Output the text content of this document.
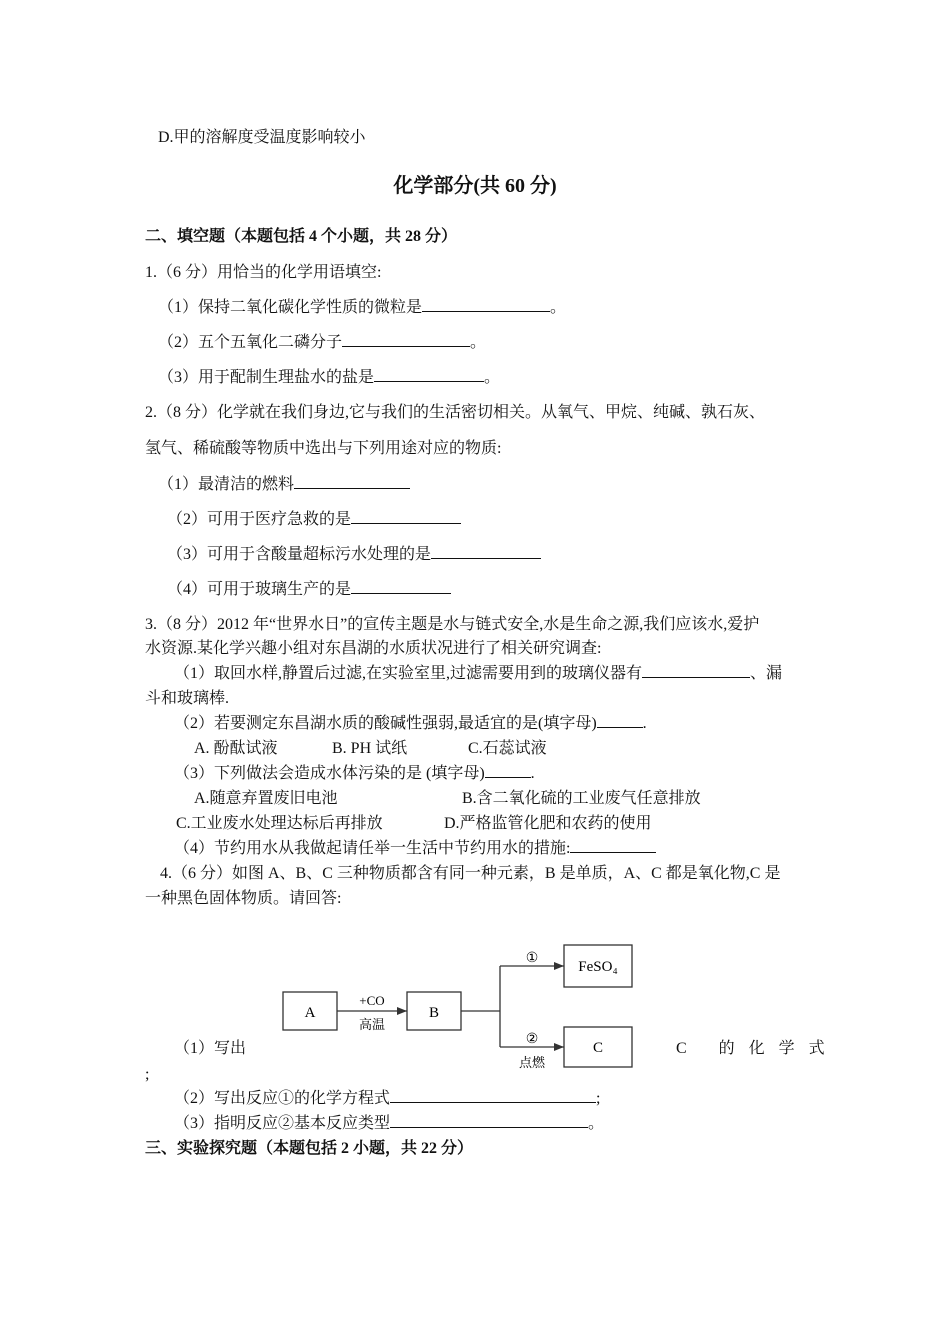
D.甲的溶解度受温度影响较小
化学部分(共 60 分)
二、填空题（本题包括 4 个小题，共 28 分）
1.（6 分）用恰当的化学用语填空:
（1）保持二氧化碳化学性质的微粒是	。
（2）五个五氧化二磷分子	。
（3）用于配制生理盐水的盐是	。
2.（8 分）化学就在我们身边,它与我们的生活密切相关。从氧气、甲烷、纯碱、孰石灰、
氢气、稀硫酸等物质中选出与下列用途对应的物质:
（1）最清洁的燃料
（2）可用于医疗急救的是
（3）可用于含酸量超标污水处理的是
（4）可用于玻璃生产的是
3.（8 分）2012 年“世界水日”的宣传主题是水与链式安全,水是生命之源,我们应该水,爱护
水资源.某化学兴趣小组对东昌湖的水质状况进行了相关研究调查:
（1）取回水样,静置后过滤,在实验室里,过滤需要用到的玻璃仪器有	、漏
斗和玻璃棒.
（2）若要测定东昌湖水质的酸碱性强弱,最适宜的是(填字母)	.
A. 酚酞试液	B. PH 试纸	C.石蕊试液
（3）下列做法会造成水体污染的是 (填字母)	.
A.随意弃置废旧电池	B.含二氧化硫的工业废气任意排放
C.工业废水处理达标后再排放	D.严格监管化肥和农药的使用
（4）节约用水从我做起请任举一生活中节约用水的措施:
4.（6 分）如图 A、B、C 三种物质都含有同一种元素，B 是单质，A、C 都是氧化物,C 是
一种黑色固体物质。请回答:
A	B
FeSO₄
C
+CO
高温
①
②
点燃
（1）写出	C 的化学式
;
（2）写出反应①的化学方程式	;
（3）指明反应②基本反应类型	。
三、实验探究题（本题包括 2 小题，共 22 分）
